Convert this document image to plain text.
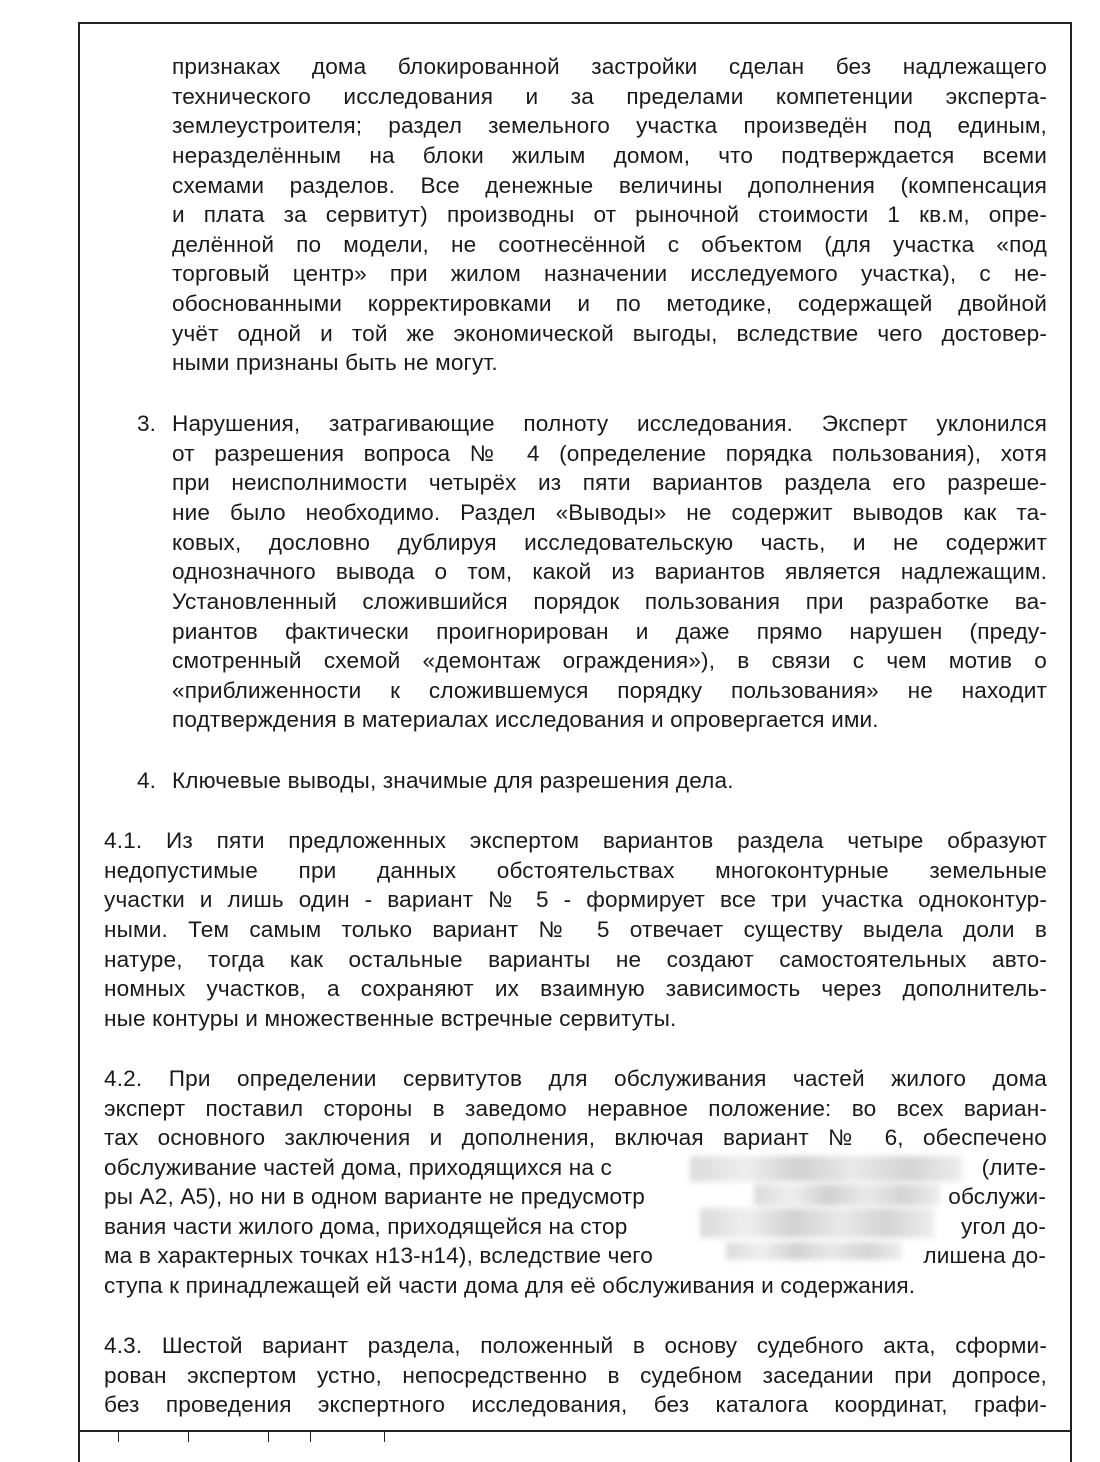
признаках дома блокированной застройки сделан без надлежащего
технического исследования и за пределами компетенции эксперта-
землеустроителя; раздел земельного участка произведён под единым,
неразделённым на блоки жилым домом, что подтверждается всеми
схемами разделов. Все денежные величины дополнения (компенсация
и плата за сервитут) производны от рыночной стоимости 1 кв.м, опре-
делённой по модели, не соотнесённой с объектом (для участка «под
торговый центр» при жилом назначении исследуемого участка), с не-
обоснованными корректировками и по методике, содержащей двойной
учёт одной и той же экономической выгоды, вследствие чего достовер-
ными признаны быть не могут.
3. Нарушения, затрагивающие полноту исследования. Эксперт уклонился
от разрешения вопроса № 4 (определение порядка пользования), хотя
при неисполнимости четырёх из пяти вариантов раздела его разреше-
ние было необходимо. Раздел «Выводы» не содержит выводов как та-
ковых, дословно дублируя исследовательскую часть, и не содержит
однозначного вывода о том, какой из вариантов является надлежащим.
Установленный сложившийся порядок пользования при разработке ва-
риантов фактически проигнорирован и даже прямо нарушен (преду-
смотренный схемой «демонтаж ограждения»), в связи с чем мотив о
«приближенности к сложившемуся порядку пользования» не находит
подтверждения в материалах исследования и опровергается ими.
4. Ключевые выводы, значимые для разрешения дела.
4.1. Из пяти предложенных экспертом вариантов раздела четыре образуют
недопустимые при данных обстоятельствах многоконтурные земельные
участки и лишь один - вариант № 5 - формирует все три участка одноконтур-
ными. Тем самым только вариант № 5 отвечает существу выдела доли в
натуре, тогда как остальные варианты не создают самостоятельных авто-
номных участков, а сохраняют их взаимную зависимость через дополнитель-
ные контуры и множественные встречные сервитуты.
4.2. При определении сервитутов для обслуживания частей жилого дома
эксперт поставил стороны в заведомо неравное положение: во всех вариан-
тах основного заключения и дополнения, включая вариант № 6, обеспечено
обслуживание частей дома, приходящихся на с	(лите-
ры А2, А5), но ни в одном варианте не предусмотр	обслужи-
вания части жилого дома, приходящейся на стор	угол до-
ма в характерных точках н13-н14), вследствие чего	лишена до-
ступа к принадлежащей ей части дома для её обслуживания и содержания.
4.3. Шестой вариант раздела, положенный в основу судебного акта, сформи-
рован экспертом устно, непосредственно в судебном заседании при допросе,
без проведения экспертного исследования, без каталога координат, графи-
